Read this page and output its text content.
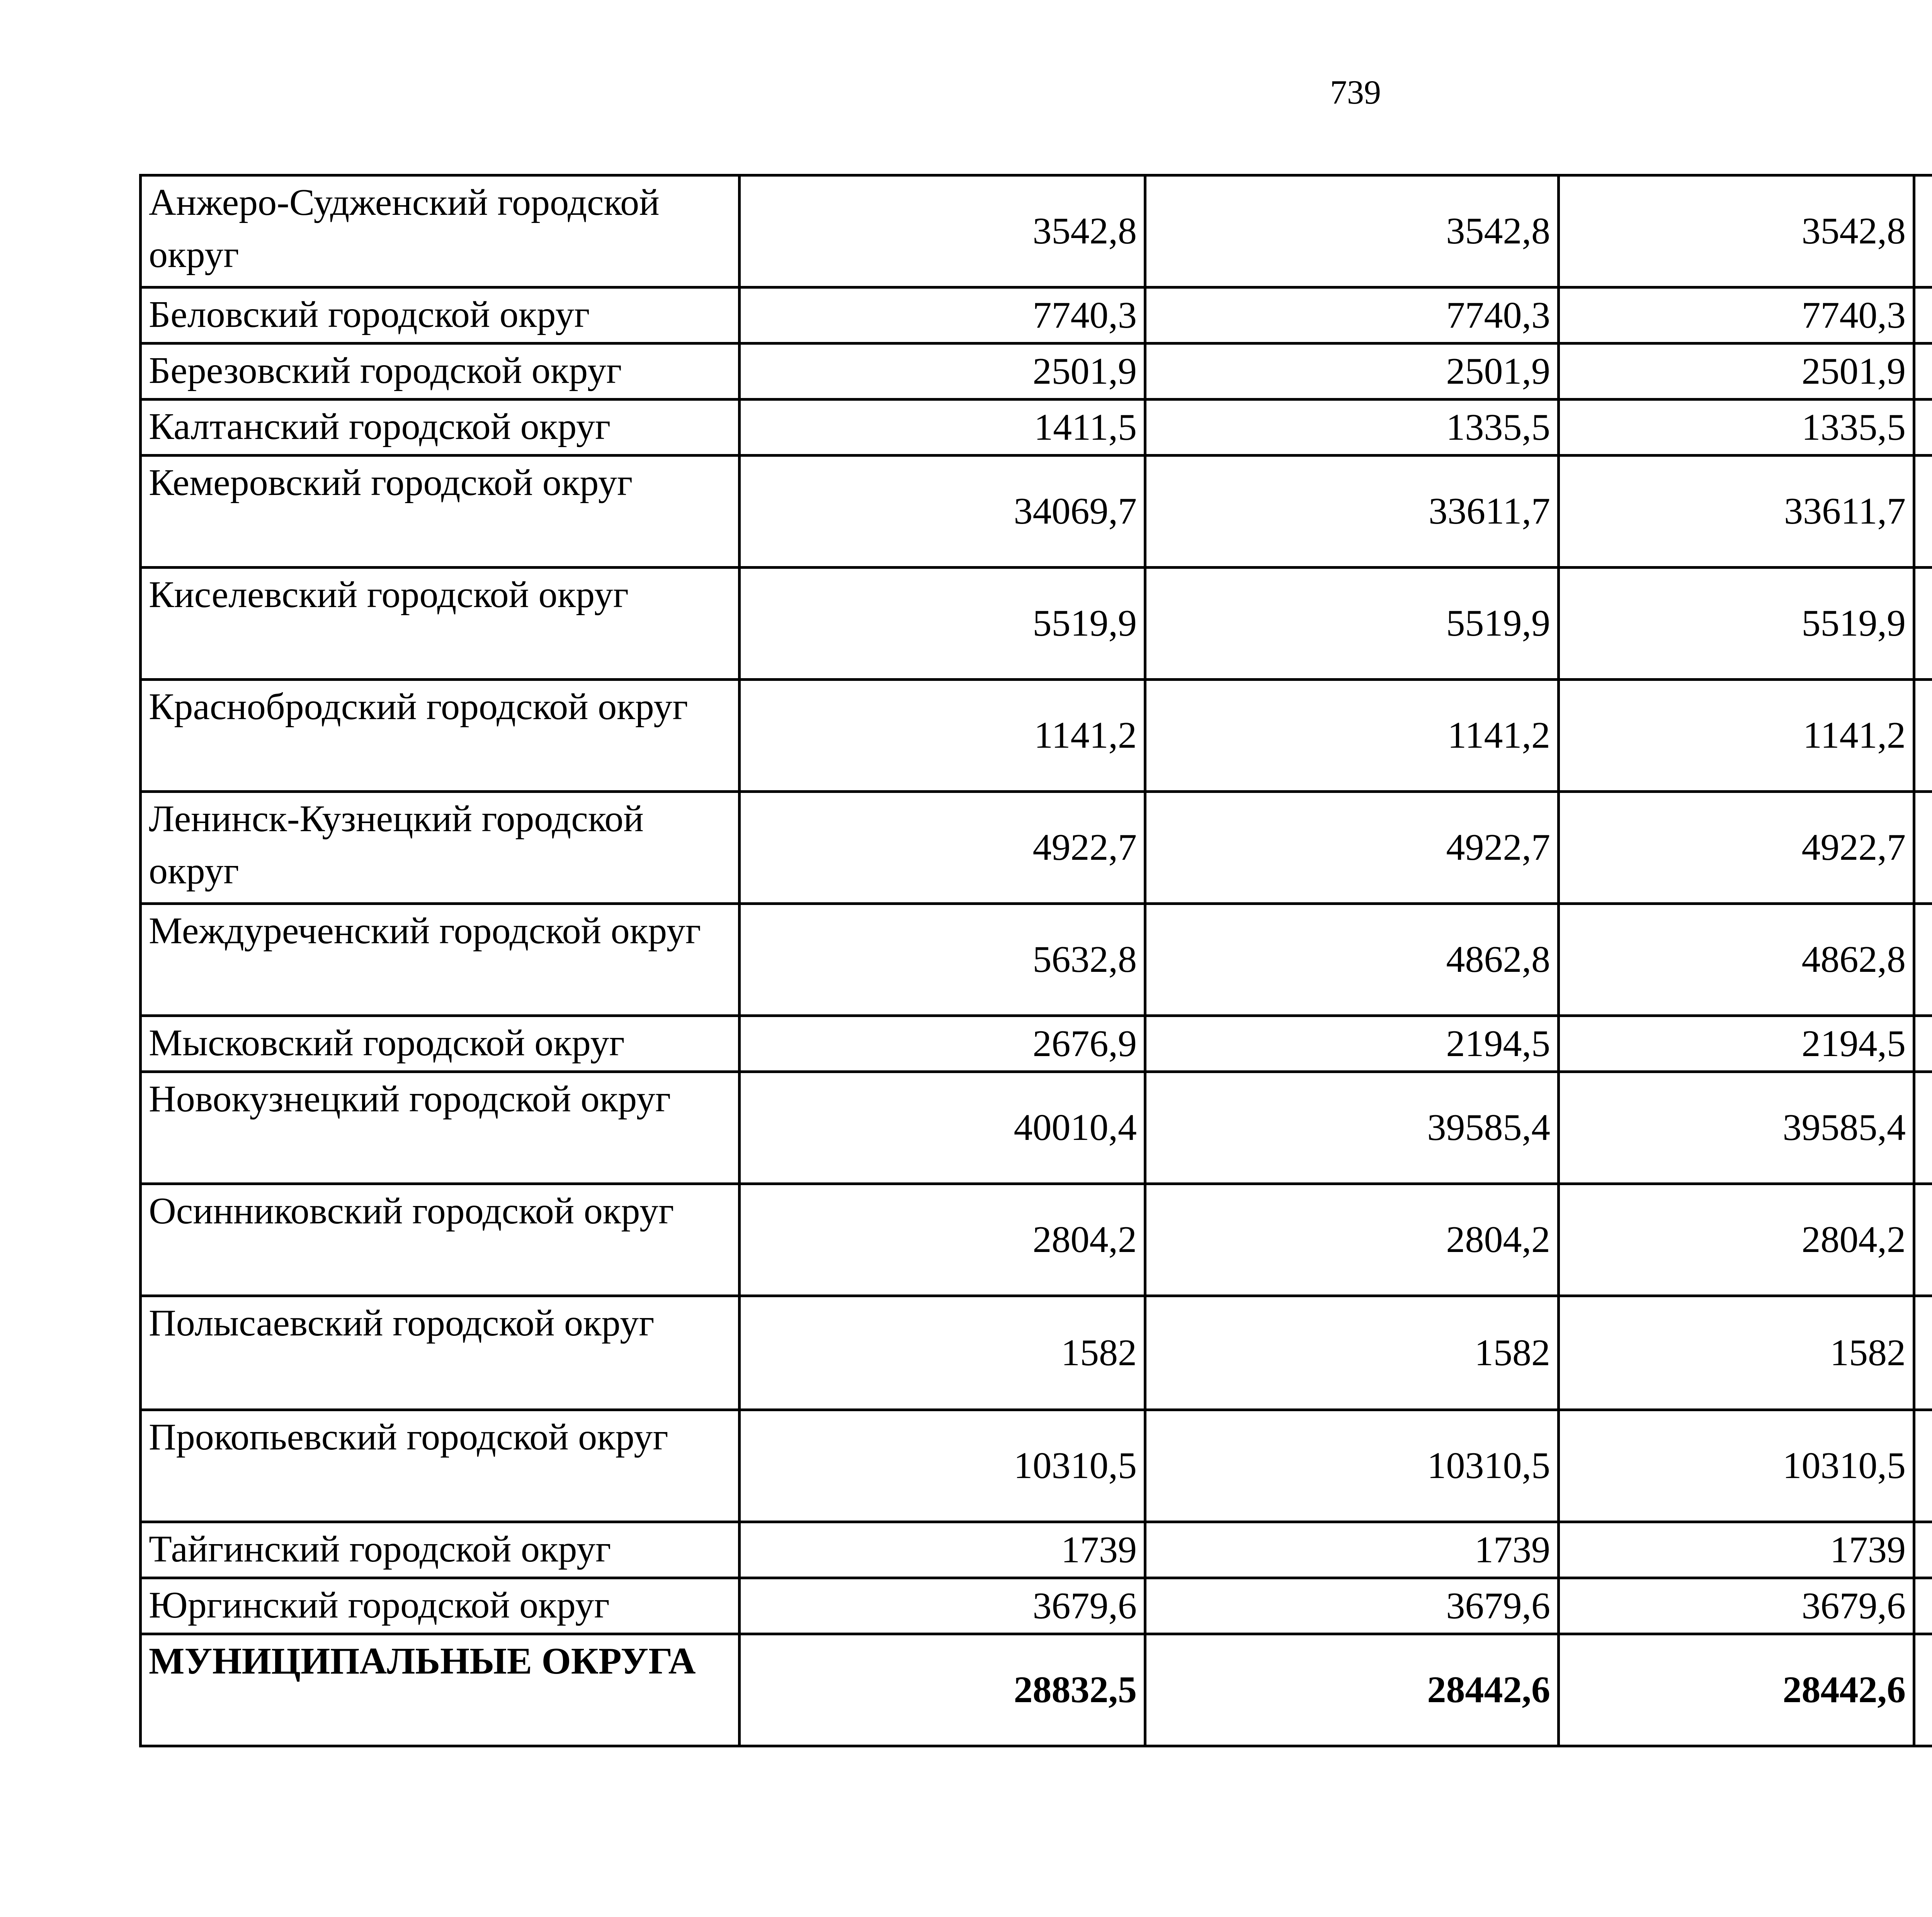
739
Анжеро-Судженский городской округ	3542,8	3542,8	3542,8			
Беловский городской округ	7740,3	7740,3	7740,3			
Березовский городской округ	2501,9	2501,9	2501,9			
Калтанский городской округ	1411,5	1335,5	1335,5			
Кемеровский городской округ	34069,7	33611,7	33611,7			
Киселевский городской округ	5519,9	5519,9	5519,9			
Краснобродский городской округ	1141,2	1141,2	1141,2			
Ленинск-Кузнецкий городской округ	4922,7	4922,7	4922,7			
Междуреченский городской округ	5632,8	4862,8	4862,8			
Мысковский городской округ	2676,9	2194,5	2194,5			
Новокузнецкий городской округ	40010,4	39585,4	39585,4			
Осинниковский городской округ	2804,2	2804,2	2804,2			
Полысаевский городской округ	1582	1582	1582			
Прокопьевский городской округ	10310,5	10310,5	10310,5			
Тайгинский городской округ	1739	1739	1739			
Юргинский городской округ	3679,6	3679,6	3679,6			
МУНИЦИПАЛЬНЫЕ ОКРУГА	28832,5	28442,6	28442,6			
